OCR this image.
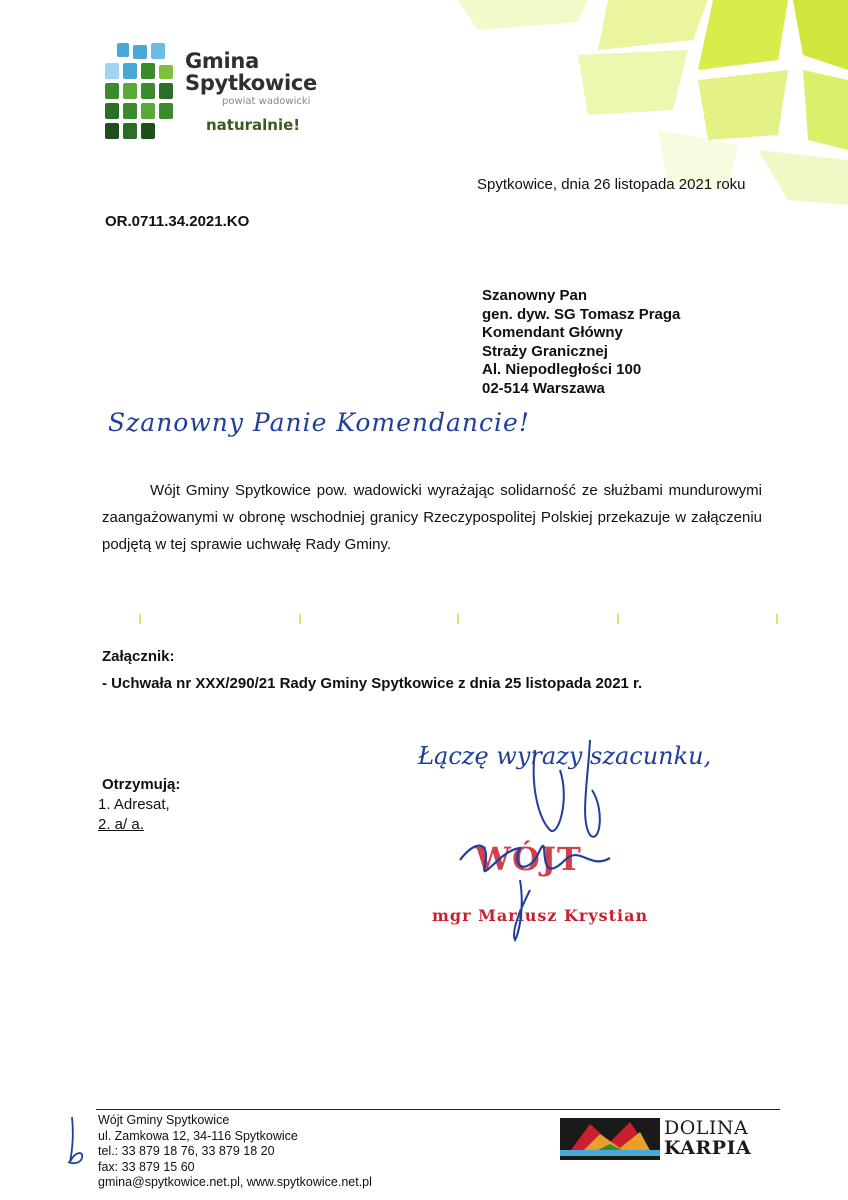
Gmina
Spytkowice
powiat wadowicki
naturalnie!
Spytkowice, dnia 26 listopada 2021 roku
OR.0711.34.2021.KO
Szanowny Pan
gen. dyw. SG Tomasz Praga
Komendant Główny
Straży Granicznej
Al. Niepodległości 100
02-514 Warszawa
Szanowny Panie Komendancie!

Wójt Gminy Spytkowice pow. wadowicki wyrażając solidarność ze służbami mundurowymi zaangażowanymi w obronę wschodniej granicy Rzeczypospolitej Polskiej przekazuje w załączeniu podjętą w tej sprawie uchwałę Rady Gminy.

Załącznik:
- Uchwała nr XXX/290/21 Rady Gminy Spytkowice z dnia 25 listopada 2021 r.
Otrzymują:
1. Adresat,
2. a/ a.
Łączę wyrazy szacunku,
WÓJT
mgr Mariusz Krystian
Wójt Gminy Spytkowice
ul. Zamkowa 12, 34-116 Spytkowice
tel.: 33 879 18 76, 33 879 18 20
fax: 33 879 15 60
gmina@spytkowice.net.pl, www.spytkowice.net.pl
DOLINA
KARPIA
